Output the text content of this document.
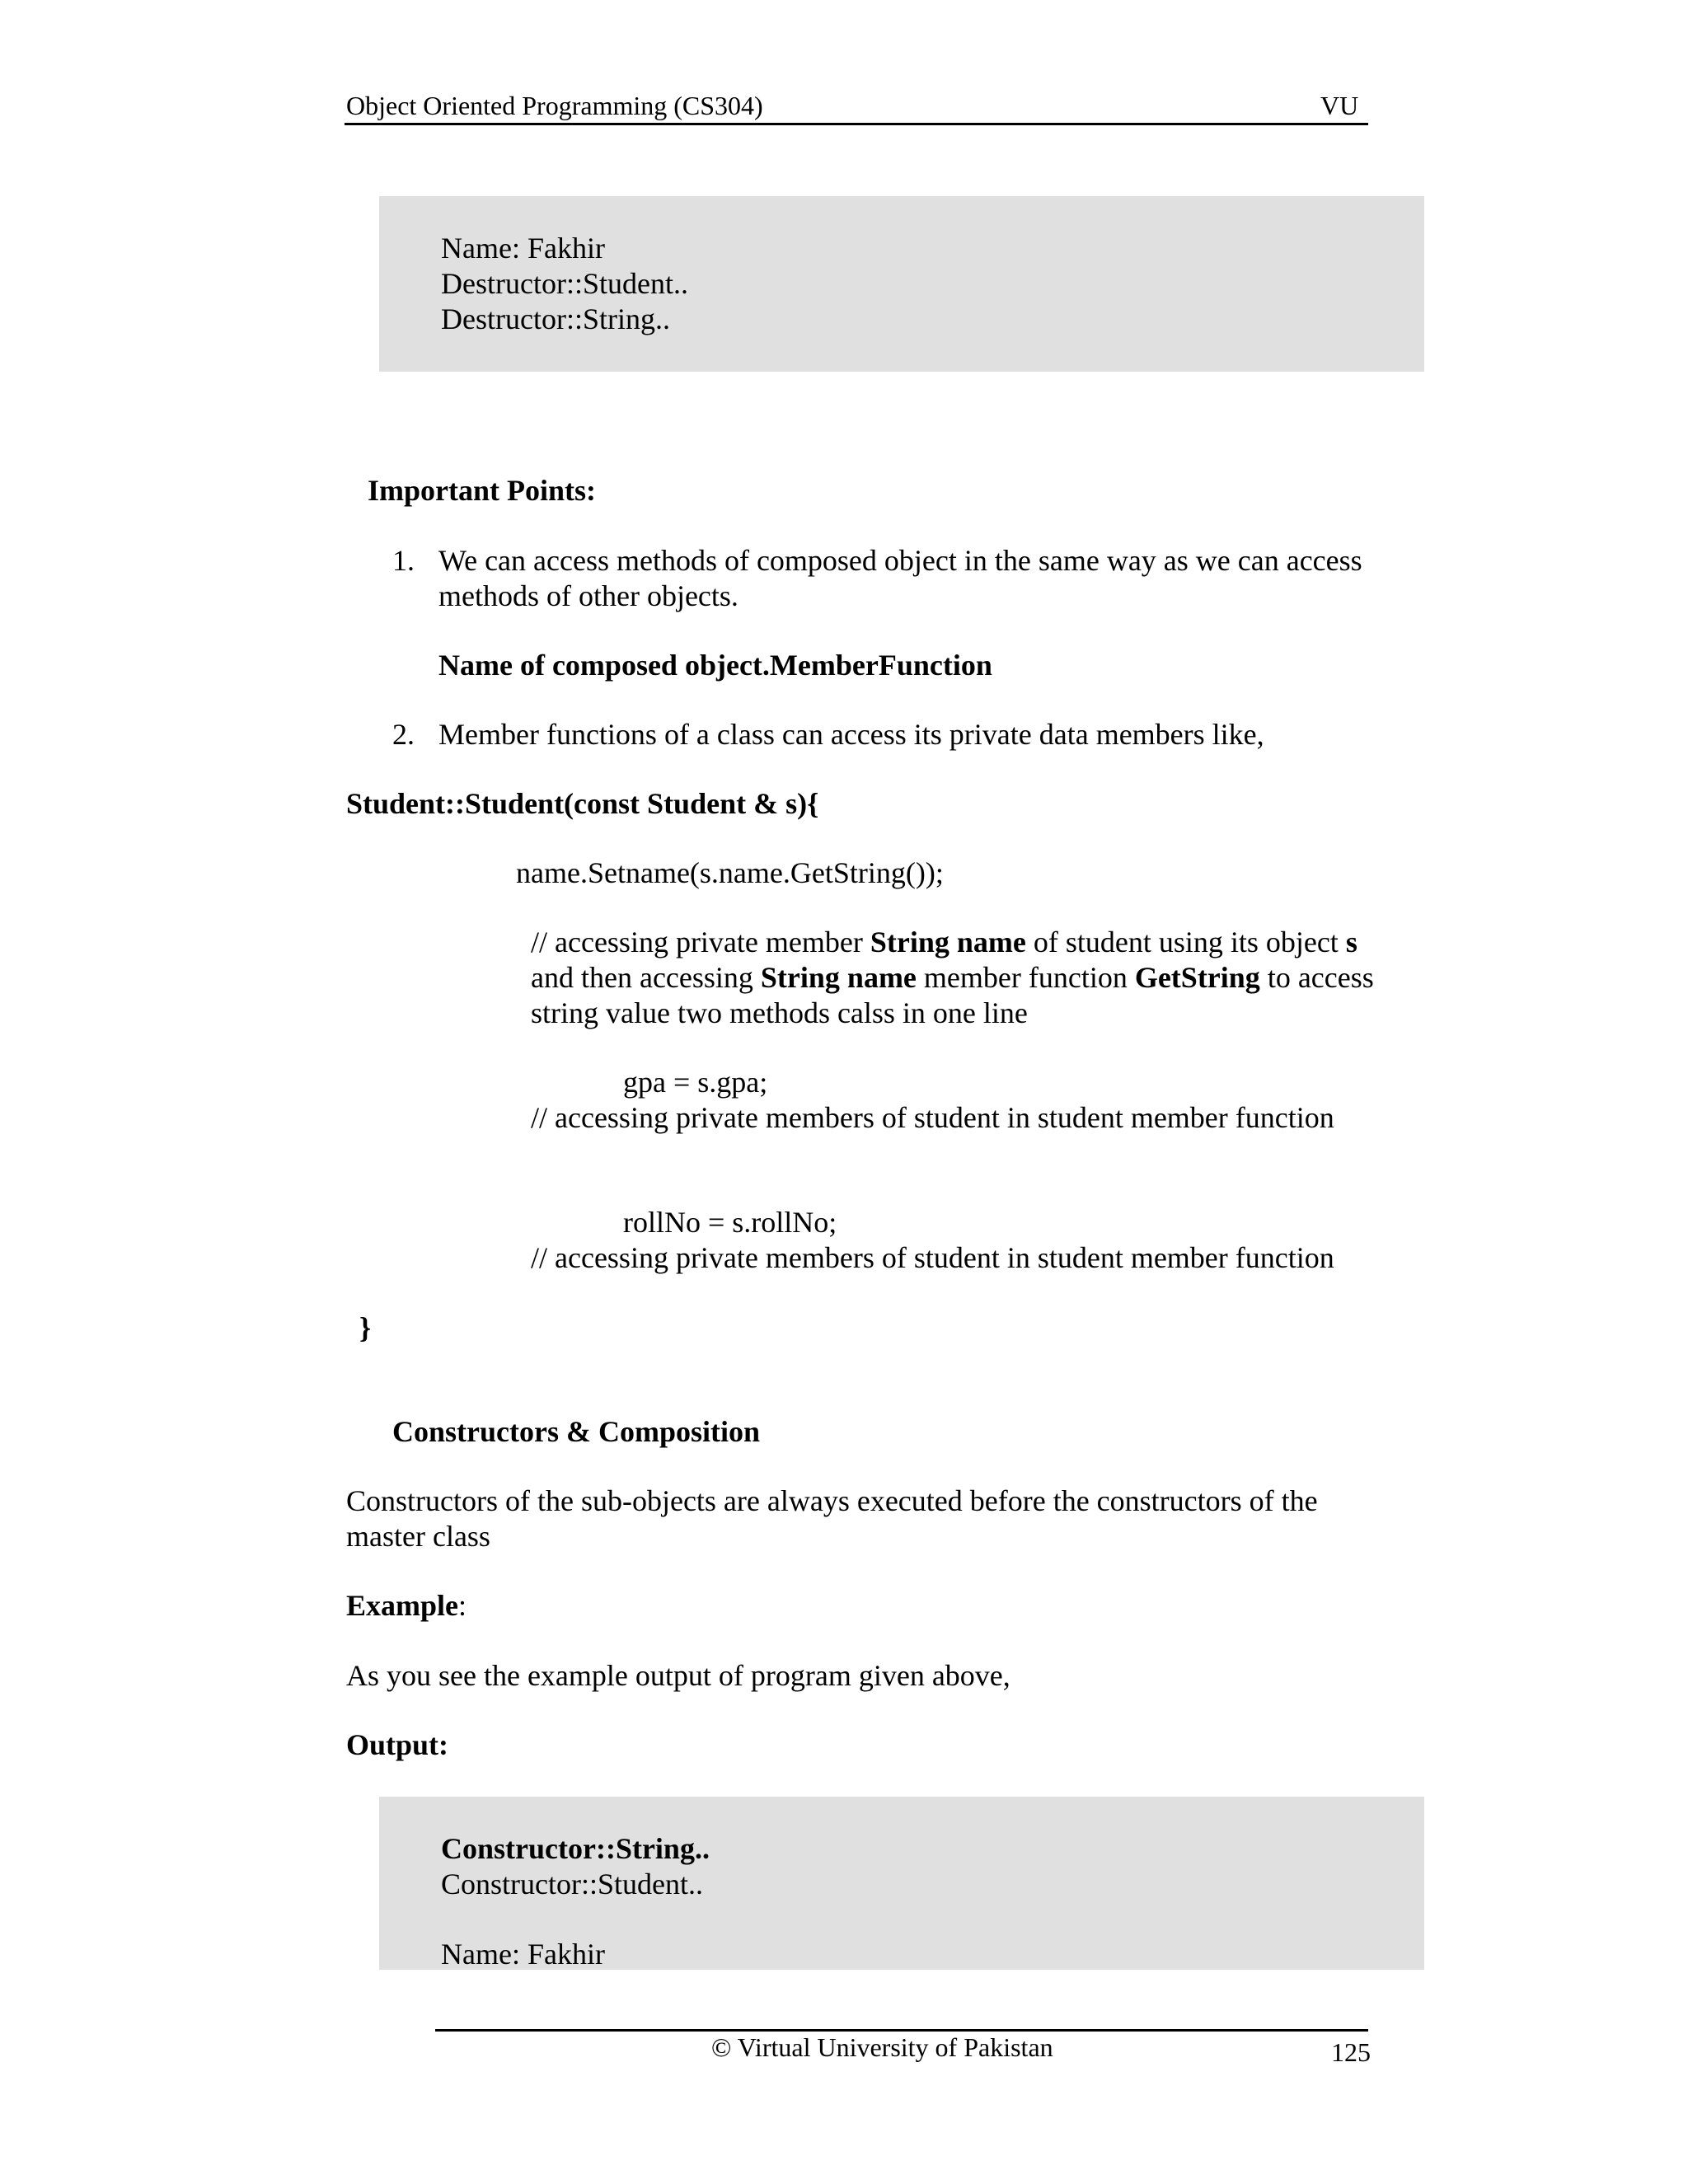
Object Oriented Programming (CS304)	VU
Name: Fakhir
Destructor::Student..
Destructor::String..
Important Points:
1. We can access methods of composed object in the same way as we can access
methods of other objects.
Name of composed object.MemberFunction
2. Member functions of a class can access its private data members like,
Student::Student(const Student & s){
name.Setname(s.name.GetString());
// accessing private member String name of student using its object s
and then accessing String name member function GetString to access
string value two methods calss in one line
gpa = s.gpa;
// accessing private members of student in student member function
rollNo = s.rollNo;
// accessing private members of student in student member function
}
Constructors & Composition
Constructors of the sub-objects are always executed before the constructors of the
master class
Example:
As you see the example output of program given above,
Output:
Constructor::String..
Constructor::Student..
Name: Fakhir
© Virtual University of Pakistan	125
